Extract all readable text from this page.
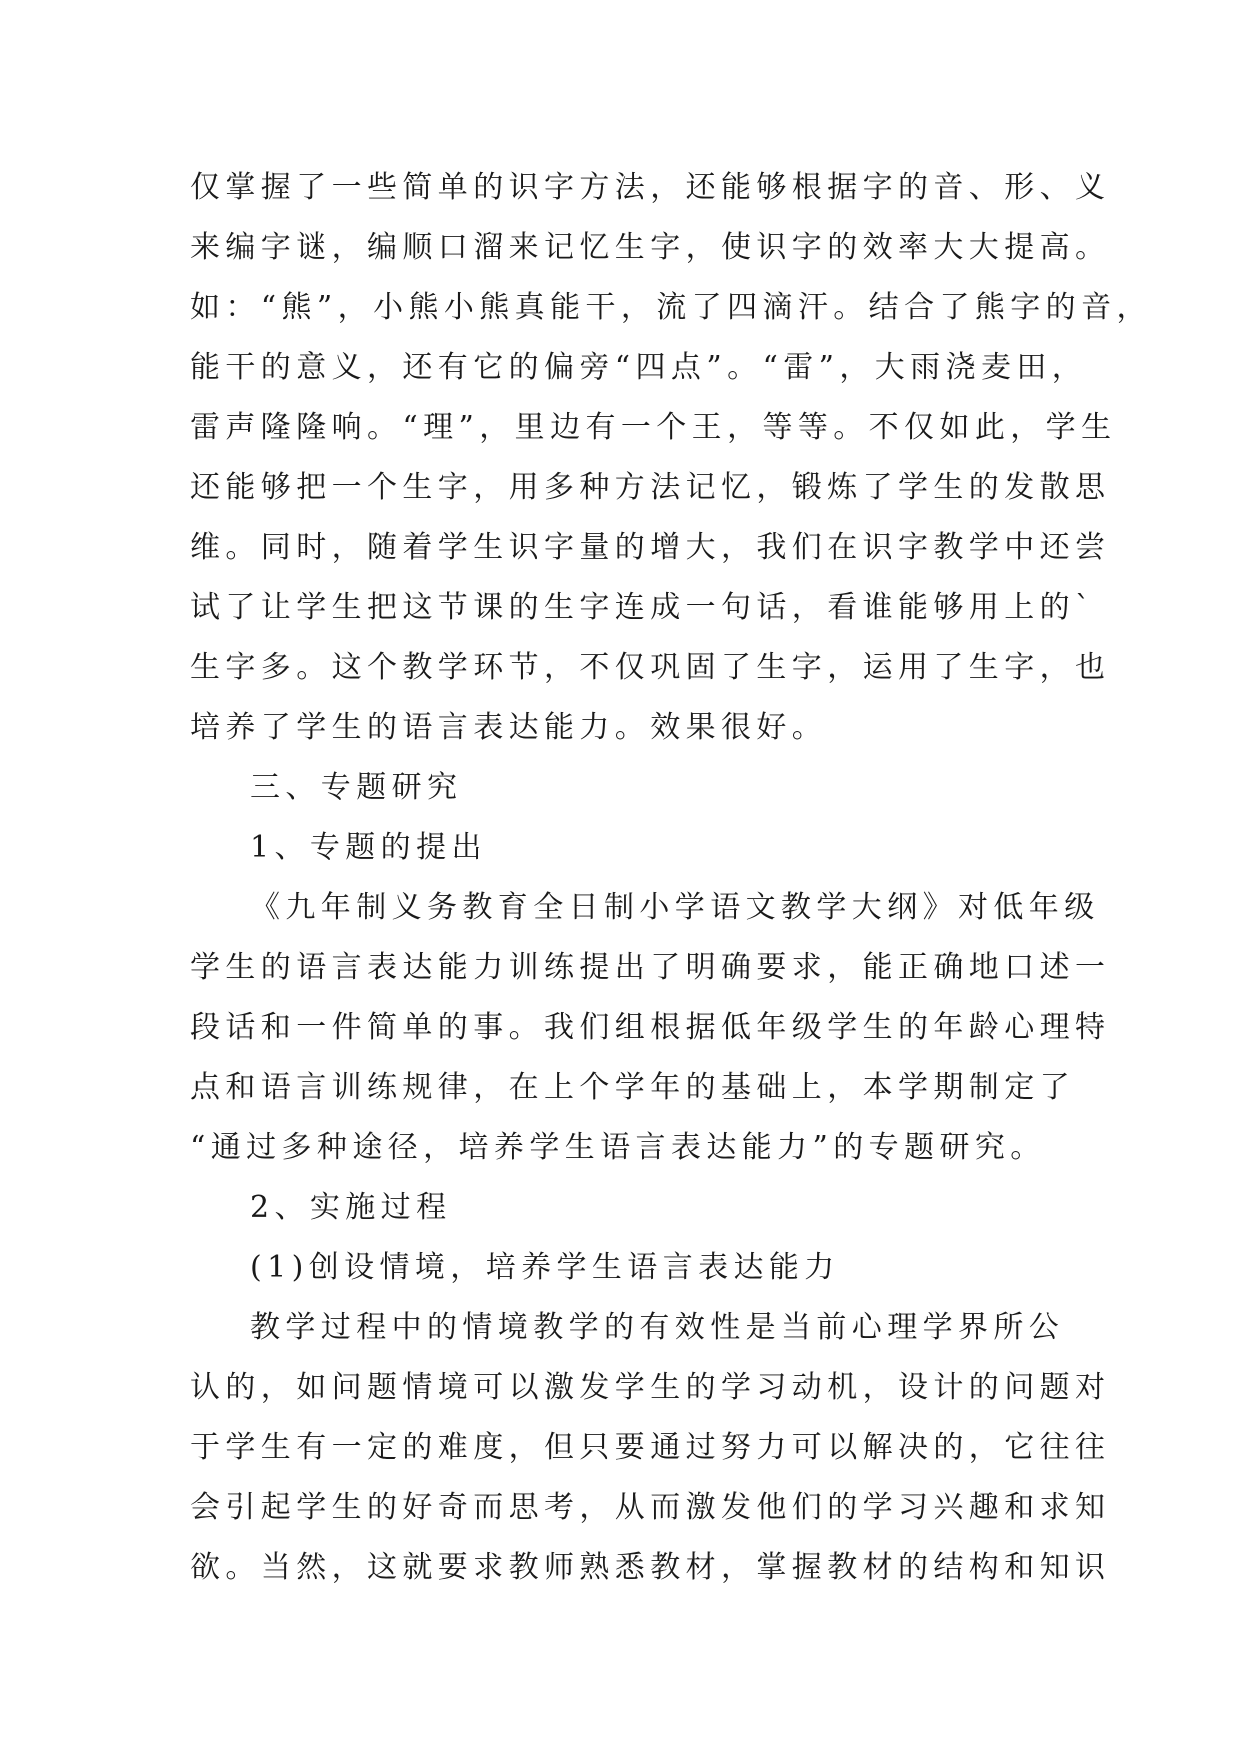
仅掌握了一些简单的识字方法，还能够根据字的音、形、义
来编字谜，编顺口溜来记忆生字，使识字的效率大大提高。
如：“熊”，小熊小熊真能干，流了四滴汗。结合了熊字的音，
能干的意义，还有它的偏旁“四点”。“雷”，大雨浇麦田，
雷声隆隆响。“理”，里边有一个王，等等。不仅如此，学生
还能够把一个生字，用多种方法记忆，锻炼了学生的发散思
维。同时，随着学生识字量的增大，我们在识字教学中还尝
试了让学生把这节课的生字连成一句话，看谁能够用上的`
生字多。这个教学环节，不仅巩固了生字，运用了生字，也
培养了学生的语言表达能力。效果很好。
三、专题研究
1、专题的提出
《九年制义务教育全日制小学语文教学大纲》对低年级
学生的语言表达能力训练提出了明确要求，能正确地口述一
段话和一件简单的事。我们组根据低年级学生的年龄心理特
点和语言训练规律，在上个学年的基础上，本学期制定了
“通过多种途径，培养学生语言表达能力”的专题研究。
2、实施过程
(1)创设情境，培养学生语言表达能力
教学过程中的情境教学的有效性是当前心理学界所公
认的，如问题情境可以激发学生的学习动机，设计的问题对
于学生有一定的难度，但只要通过努力可以解决的，它往往
会引起学生的好奇而思考，从而激发他们的学习兴趣和求知
欲。当然，这就要求教师熟悉教材，掌握教材的结构和知识
